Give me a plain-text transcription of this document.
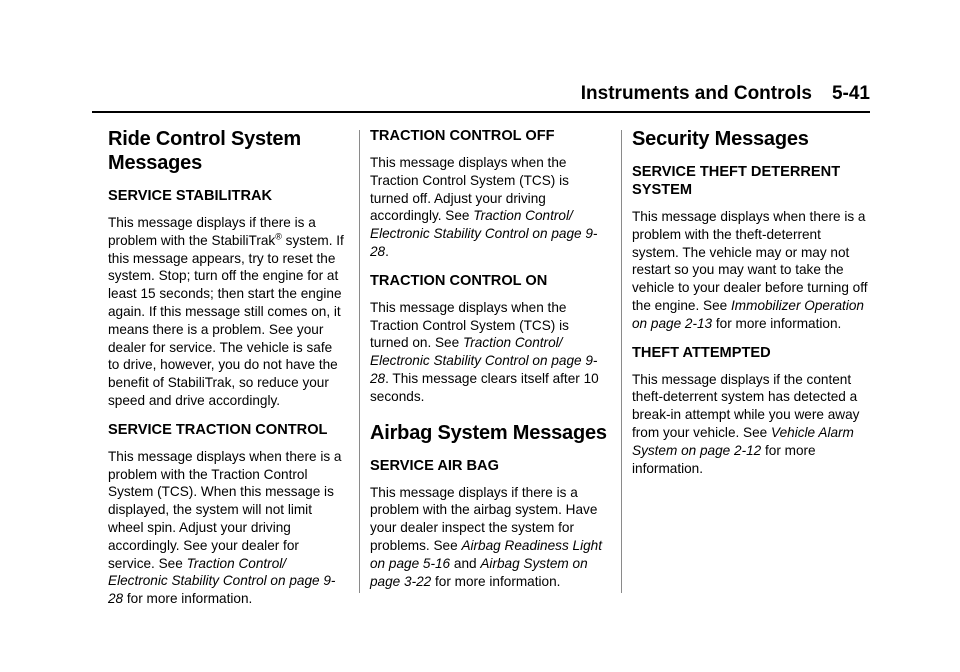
Instruments and Controls 5-41
Ride Control System Messages
SERVICE STABILITRAK

This message displays if there is a problem with the StabiliTrak® system. If this message appears, try to reset the system. Stop; turn off the engine for at least 15 seconds; then start the engine again. If this message still comes on, it means there is a problem. See your dealer for service. The vehicle is safe to drive, however, you do not have the benefit of StabiliTrak, so reduce your speed and drive accordingly.

SERVICE TRACTION CONTROL

This message displays when there is a problem with the Traction Control System (TCS). When this message is displayed, the system will not limit wheel spin. Adjust your driving accordingly. See your dealer for service. See Traction Control/ Electronic Stability Control on page 9-28 for more information.

TRACTION CONTROL OFF

This message displays when the Traction Control System (TCS) is turned off. Adjust your driving accordingly. See Traction Control/ Electronic Stability Control on page 9-28.

TRACTION CONTROL ON

This message displays when the Traction Control System (TCS) is turned on. See Traction Control/ Electronic Stability Control on page 9-28. This message clears itself after 10 seconds.

Airbag System Messages
SERVICE AIR BAG

This message displays if there is a problem with the airbag system. Have your dealer inspect the system for problems. See Airbag Readiness Light on page 5-16 and Airbag System on page 3-22 for more information.

Security Messages
SERVICE THEFT DETERRENT SYSTEM

This message displays when there is a problem with the theft-deterrent system. The vehicle may or may not restart so you may want to take the vehicle to your dealer before turning off the engine. See Immobilizer Operation on page 2-13 for more information.

THEFT ATTEMPTED

This message displays if the content theft-deterrent system has detected a break-in attempt while you were away from your vehicle. See Vehicle Alarm System on page 2-12 for more information.
